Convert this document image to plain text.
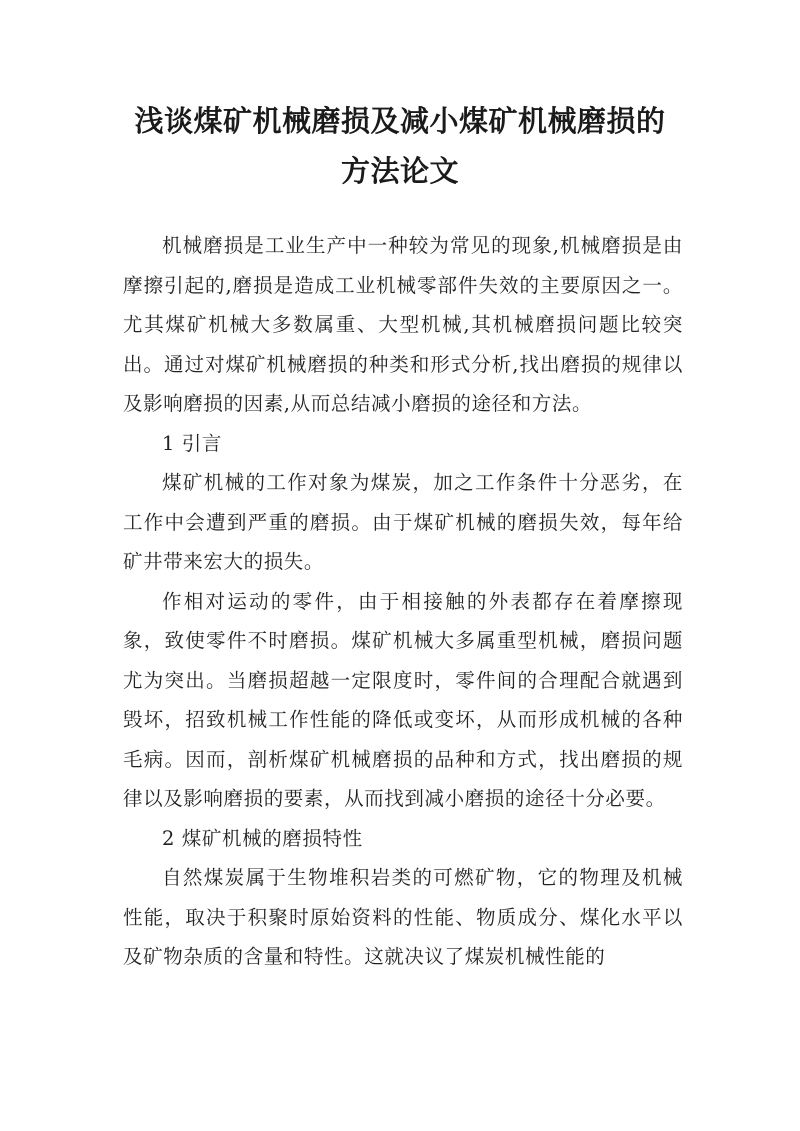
浅谈煤矿机械磨损及减小煤矿机械磨损的
方法论文

机械磨损是工业生产中一种较为常见的现象,机械磨损是由摩擦引起的,磨损是造成工业机械零部件失效的主要原因之一。尤其煤矿机械大多数属重、大型机械,其机械磨损问题比较突出。通过对煤矿机械磨损的种类和形式分析,找出磨损的规律以及影响磨损的因素,从而总结减小磨损的途径和方法。

1 引言

煤矿机械的工作对象为煤炭，加之工作条件十分恶劣，在工作中会遭到严重的磨损。由于煤矿机械的磨损失效，每年给矿井带来宏大的损失。

作相对运动的零件，由于相接触的外表都存在着摩擦现象，致使零件不时磨损。煤矿机械大多属重型机械，磨损问题尤为突出。当磨损超越一定限度时，零件间的合理配合就遇到毁坏，招致机械工作性能的降低或变坏，从而形成机械的各种毛病。因而，剖析煤矿机械磨损的品种和方式，找出磨损的规律以及影响磨损的要素，从而找到减小磨损的途径十分必要。

2 煤矿机械的磨损特性

自然煤炭属于生物堆积岩类的可燃矿物，它的物理及机械性能，取决于积聚时原始资料的性能、物质成分、煤化水平以及矿物杂质的含量和特性。这就决议了煤炭机械性能的
